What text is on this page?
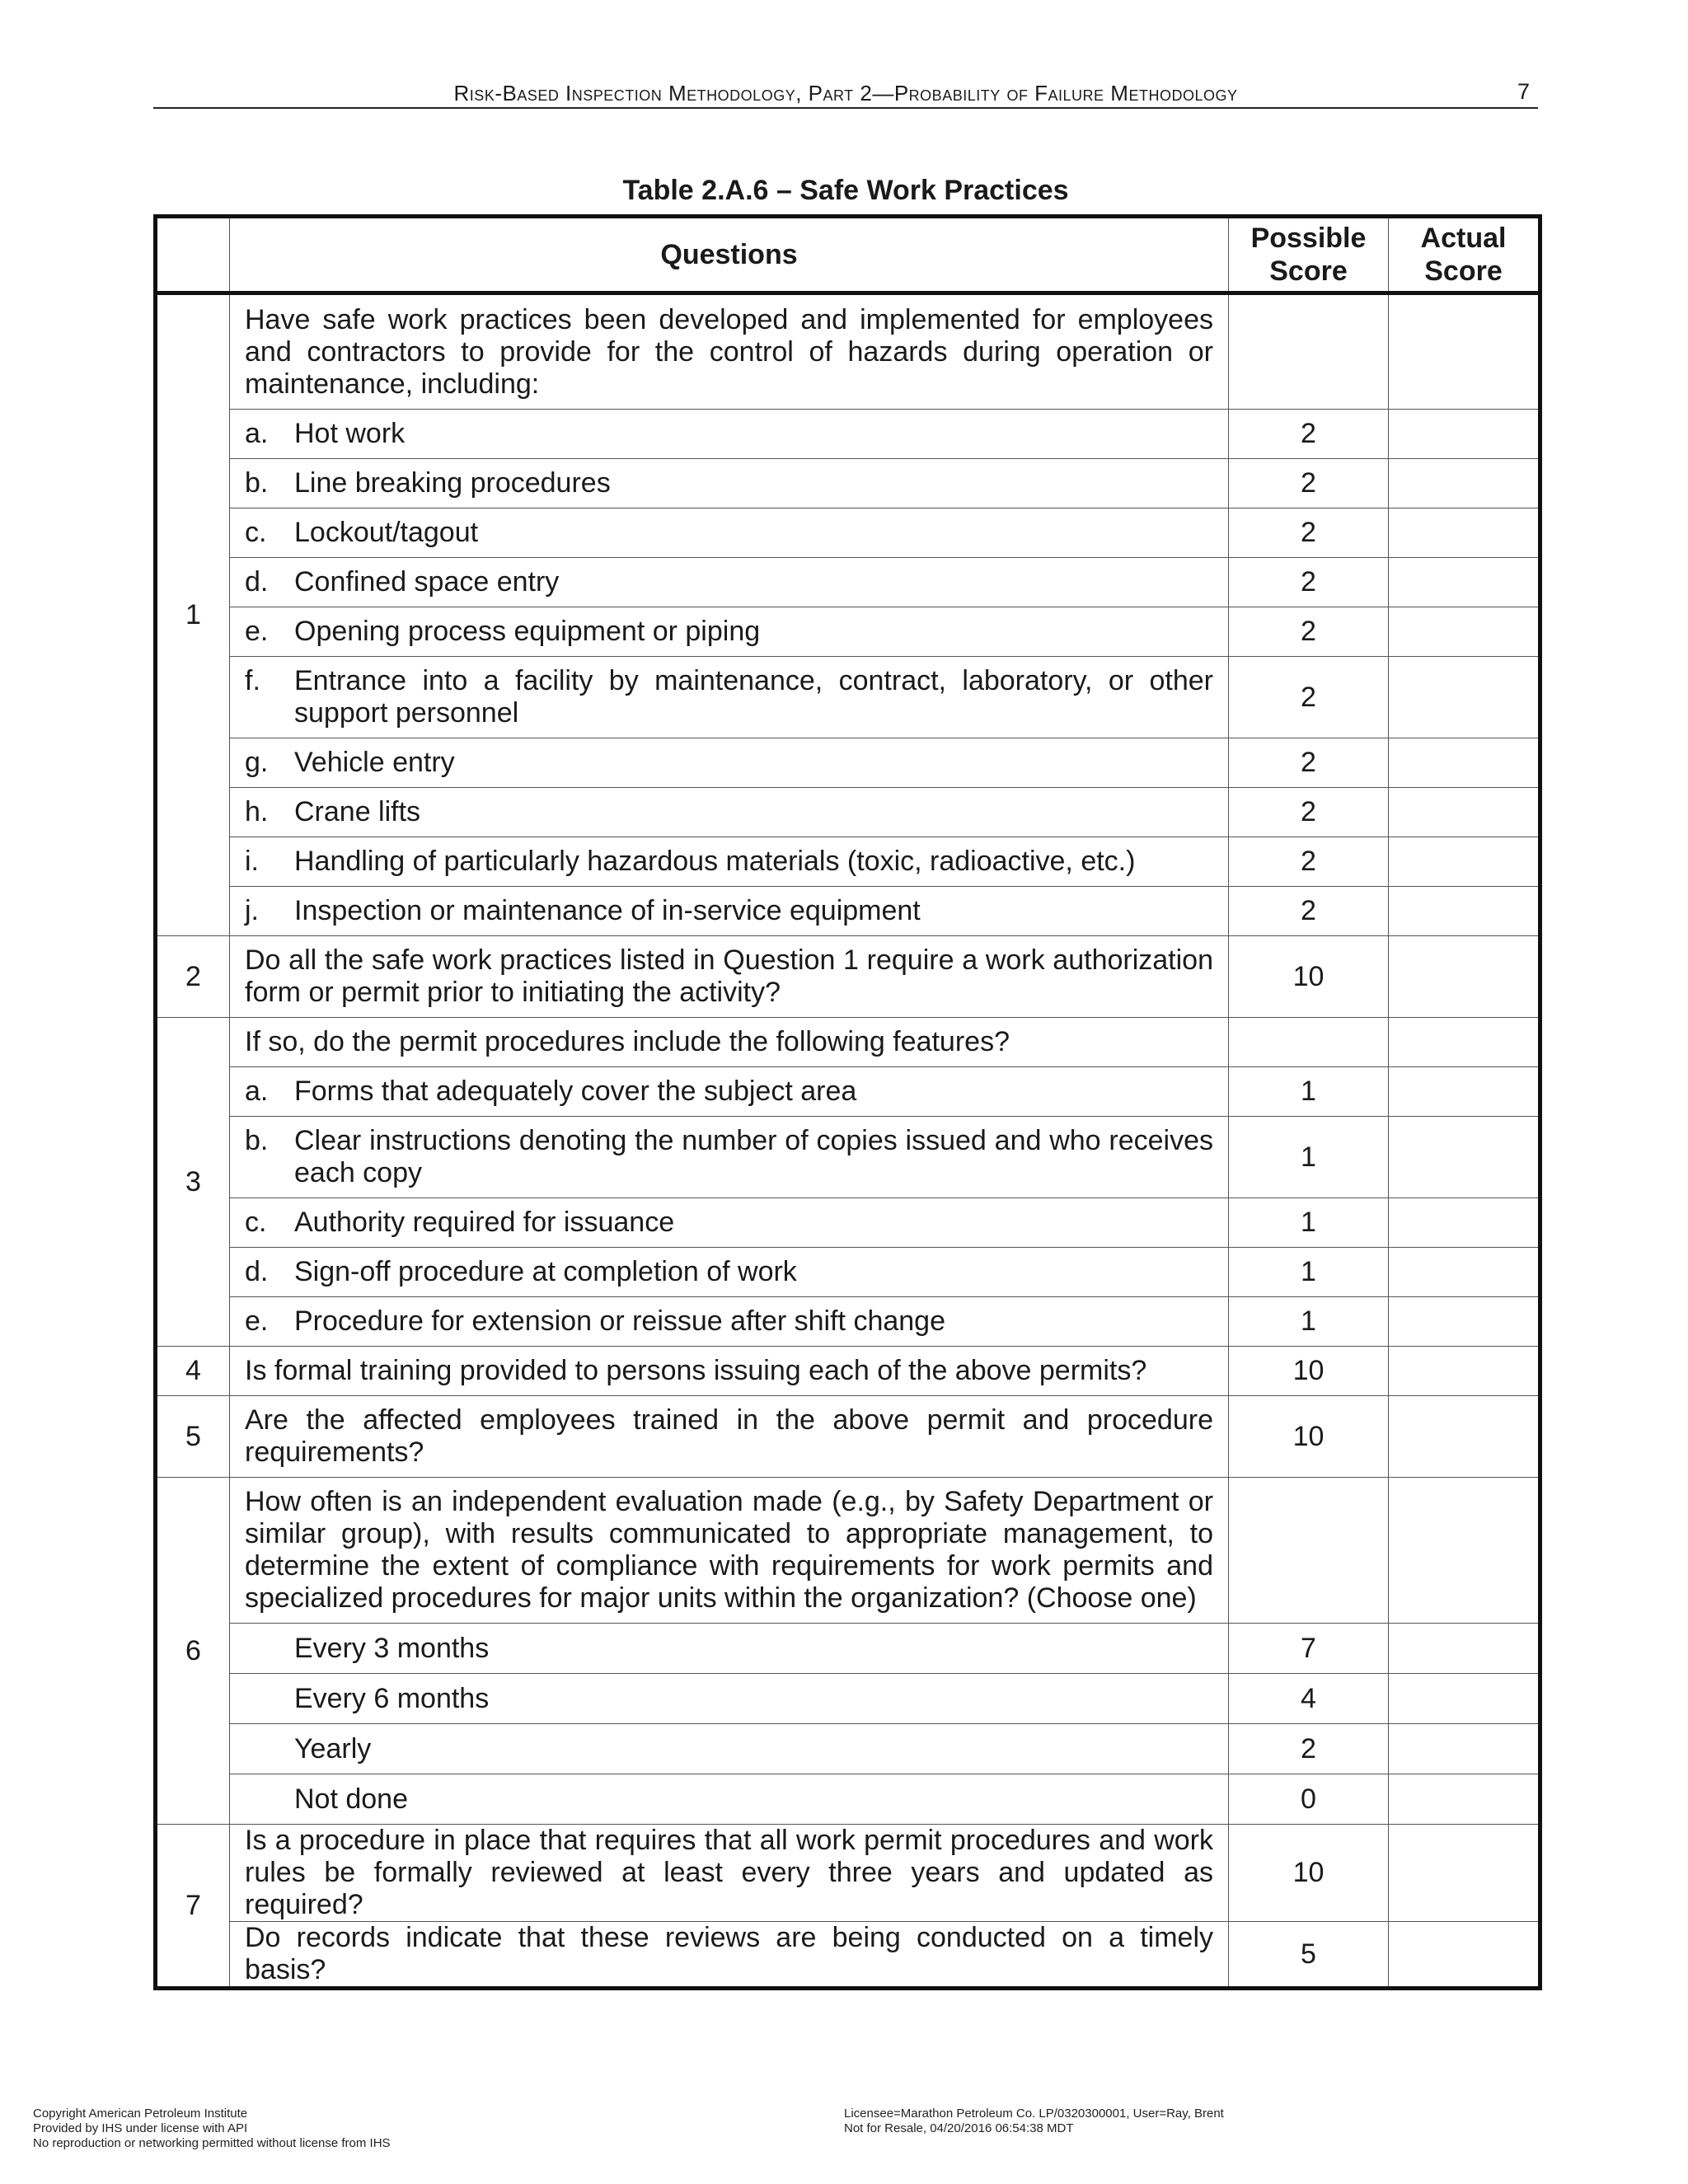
Risk-Based Inspection Methodology, Part 2—Probability of Failure Methodology	7
Table 2.A.6 – Safe Work Practices
	Questions	Possible Score	Actual Score
1	Have safe work practices been developed and implemented for employees and contractors to provide for the control of hazards during operation or maintenance, including:		

	a. Hot work	2	

	b. Line breaking procedures	2	

	c. Lockout/tagout	2	

	d. Confined space entry	2	

	e. Opening process equipment or piping	2	

	f. Entrance into a facility by maintenance, contract, laboratory, or other support personnel	2	

	g. Vehicle entry	2	

	h. Crane lifts	2	

	i. Handling of particularly hazardous materials (toxic, radioactive, etc.)	2	

	j. Inspection or maintenance of in-service equipment	2	
2	Do all the safe work practices listed in Question 1 require a work authorization form or permit prior to initiating the activity?	10	
3	If so, do the permit procedures include the following features?		

	a. Forms that adequately cover the subject area	1	

	b. Clear instructions denoting the number of copies issued and who receives each copy	1	

	c. Authority required for issuance	1	

	d. Sign-off procedure at completion of work	1	

	e. Procedure for extension or reissue after shift change	1	
4	Is formal training provided to persons issuing each of the above permits?	10	
5	Are the affected employees trained in the above permit and procedure requirements?	10	
6	How often is an independent evaluation made (e.g., by Safety Department or similar group), with results communicated to appropriate management, to determine the extent of compliance with requirements for work permits and specialized procedures for major units within the organization? (Choose one)		

	Every 3 months	7	

	Every 6 months	4	

	Yearly	2	

	Not done	0	
7	Is a procedure in place that requires that all work permit procedures and work rules be formally reviewed at least every three years and updated as required?	10	
	Do records indicate that these reviews are being conducted on a timely basis?	5	
Copyright American Petroleum Institute
Provided by IHS under license with API
No reproduction or networking permitted without license from IHS
Licensee=Marathon Petroleum Co. LP/0320300001, User=Ray, Brent
Not for Resale, 04/20/2016 06:54:38 MDT
